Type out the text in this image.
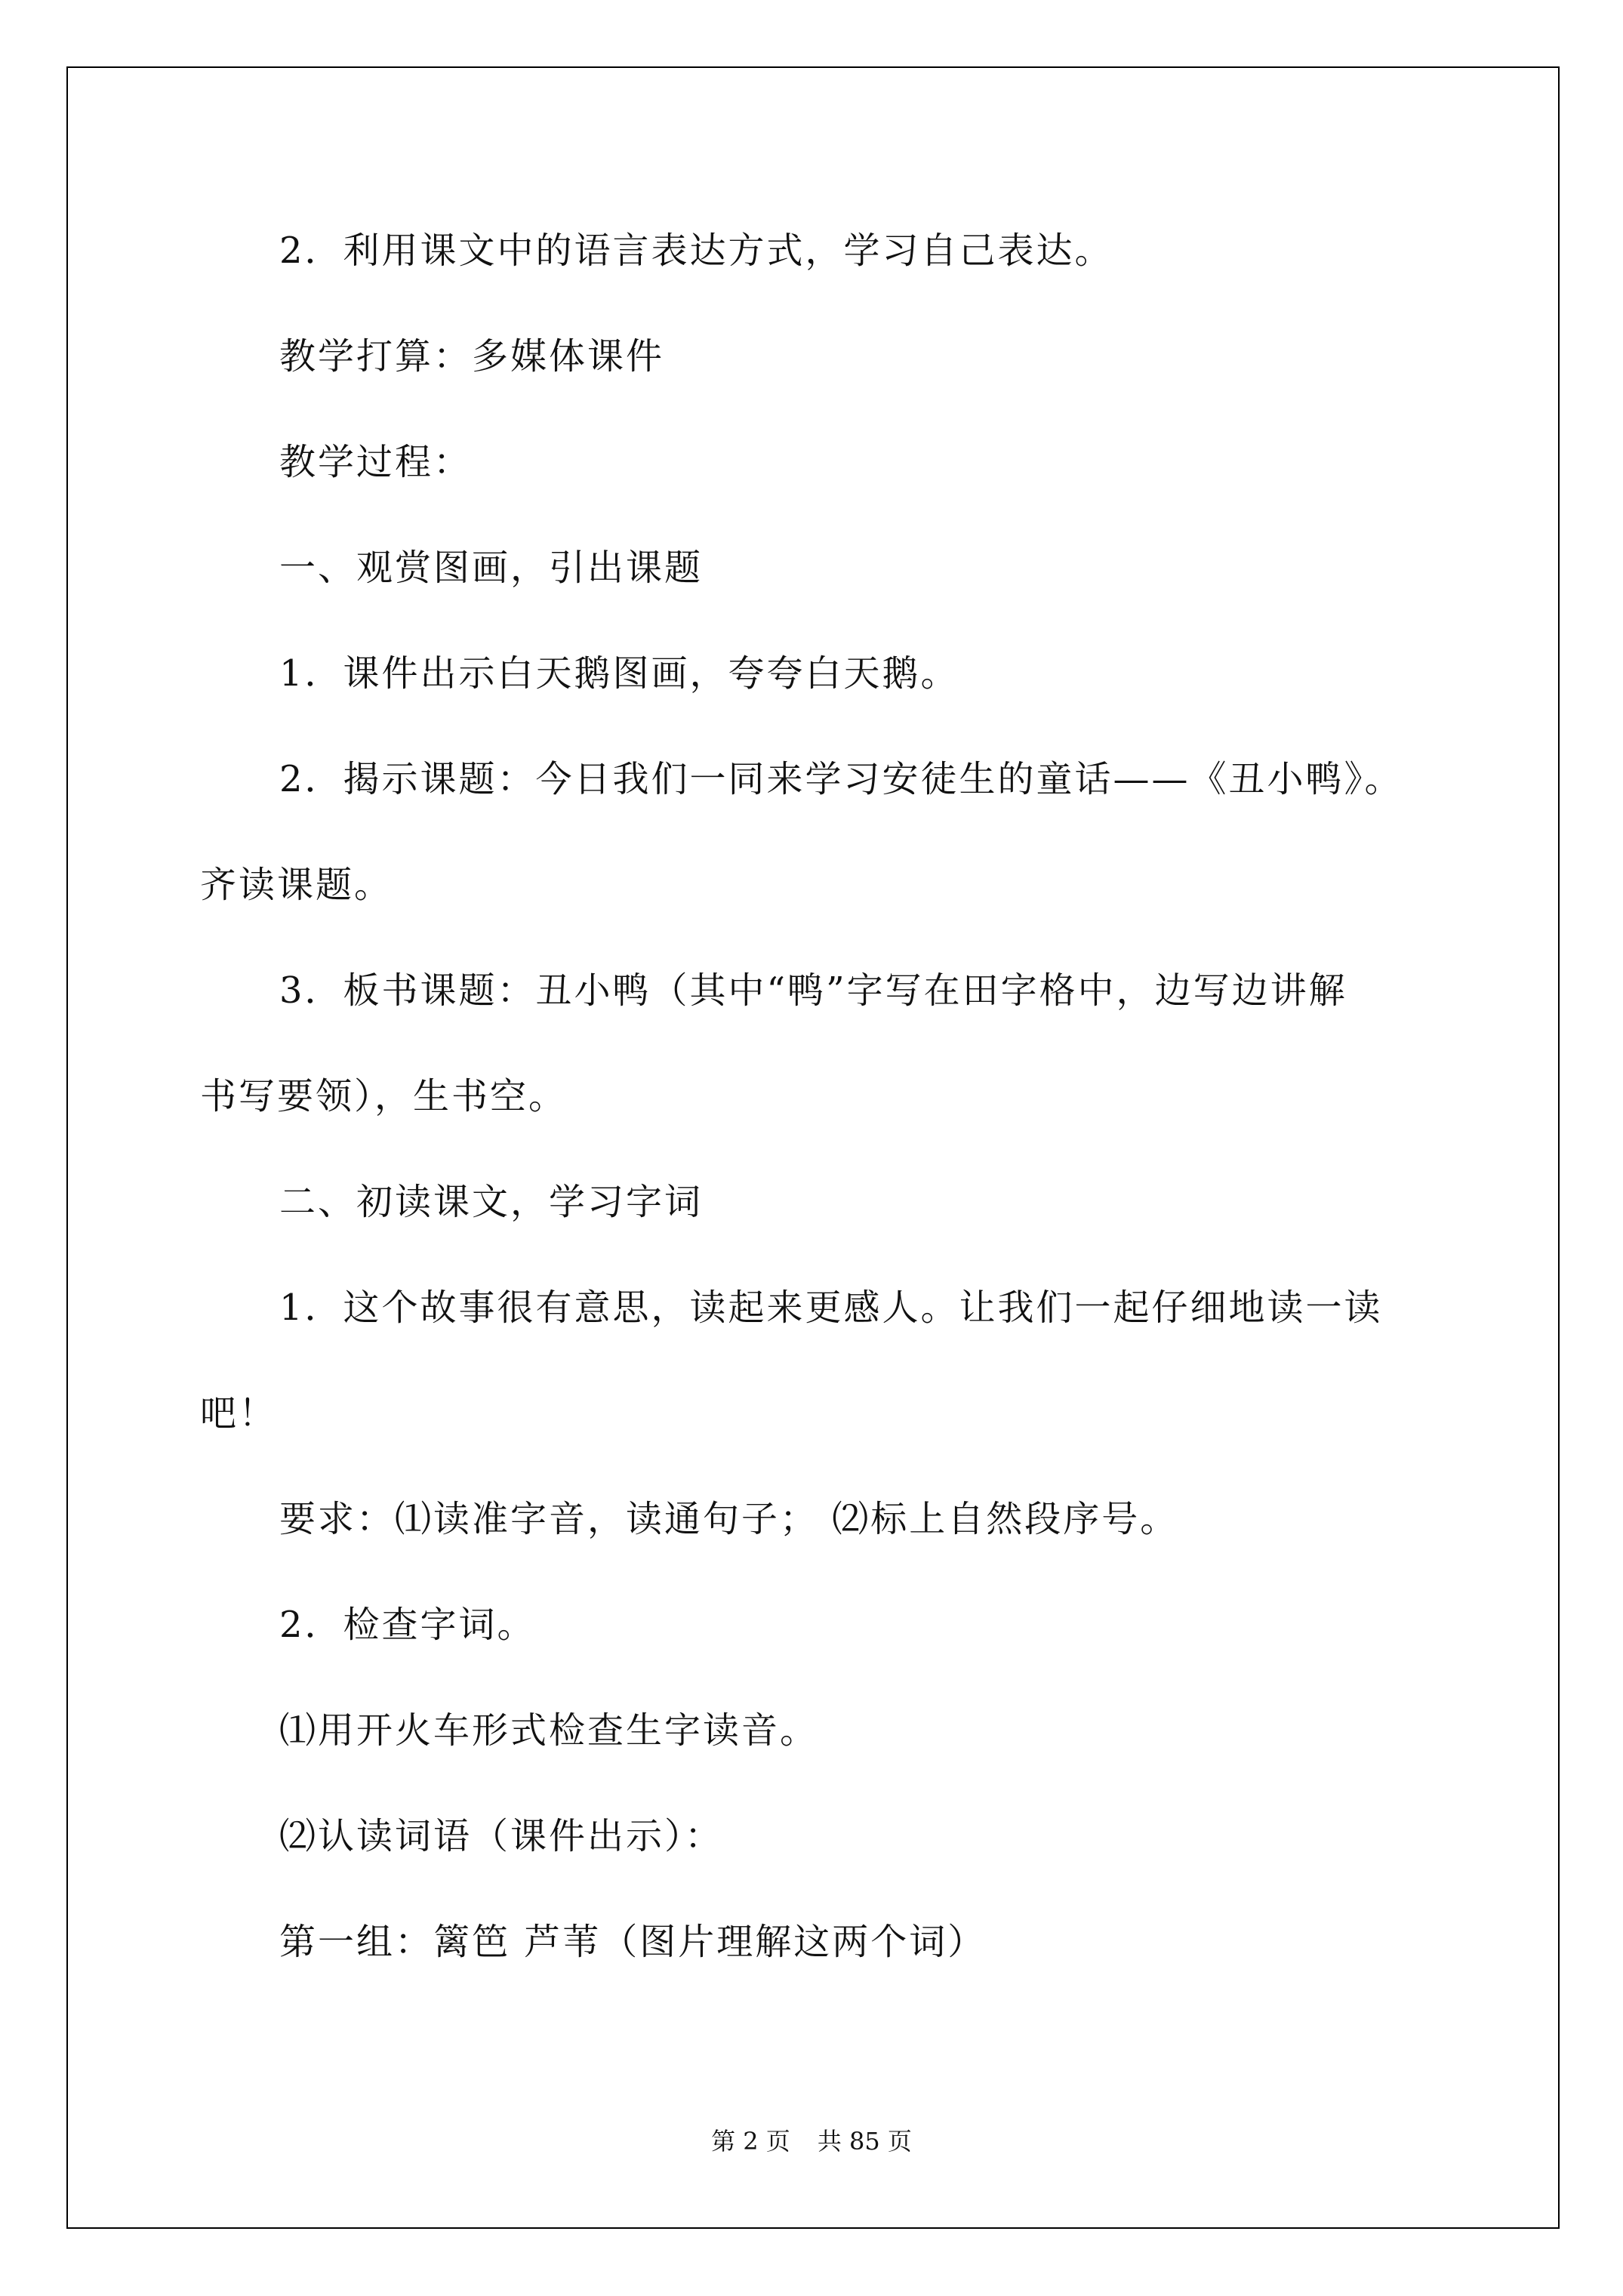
2．利用课文中的语言表达方式，学习自己表达。
教学打算：多媒体课件
教学过程：
一、观赏图画，引出课题
1．课件出示白天鹅图画，夸夸白天鹅。
2．揭示课题：今日我们一同来学习安徒生的童话——《丑小鸭》。
齐读课题。
3．板书课题：丑小鸭（其中“鸭”字写在田字格中，边写边讲解
书写要领），生书空。
二、初读课文，学习字词
1．这个故事很有意思，读起来更感人。让我们一起仔细地读一读
吧！
要求：⑴读准字音，读通句子； ⑵标上自然段序号。
2．检查字词。
⑴用开火车形式检查生字读音。
⑵认读词语（课件出示）：
第一组：篱笆 芦苇（图片理解这两个词）
第 2 页 共 85 页
